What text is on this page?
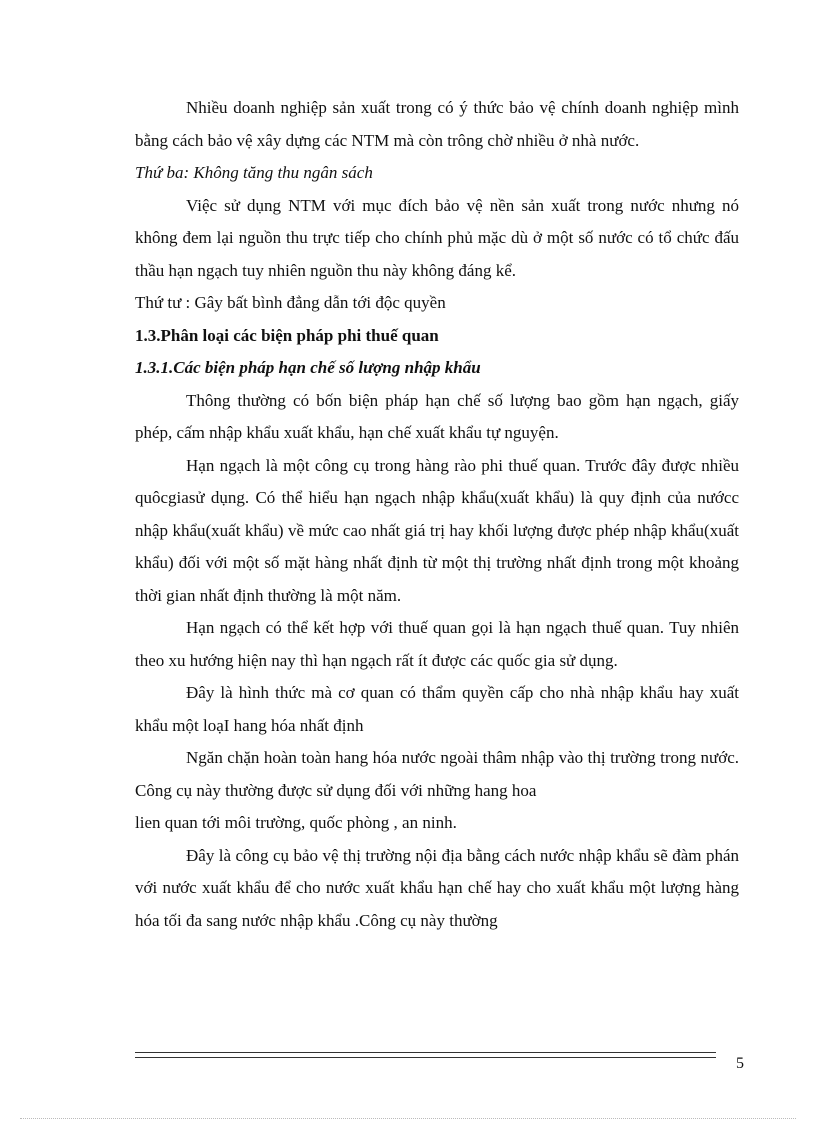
Nhiều doanh nghiệp sản xuất trong có ý thức bảo vệ chính doanh nghiệp mình bằng cách bảo vệ xây dựng các NTM mà còn trông chờ nhiều ở nhà nước.

Thứ ba: Không tăng thu ngân sách

Việc sử dụng NTM với mục đích bảo vệ nền sản xuất trong nước nhưng nó không đem lại nguồn thu trực tiếp cho chính phủ mặc dù ở một số nước có tổ chức đấu thầu hạn ngạch tuy nhiên nguồn thu này không đáng kể.

Thứ tư : Gây bất bình đẳng dẫn tới độc quyền

1.3.Phân loại các biện pháp phi thuế quan

1.3.1.Các biện pháp hạn chế số lượng nhập khẩu

Thông thường có bốn biện pháp hạn chế số lượng bao gồm hạn ngạch, giấy phép, cấm nhập khẩu xuất khẩu, hạn chế xuất khẩu tự nguyện.

Hạn ngạch là một công cụ trong hàng rào phi thuế quan. Trước đây được nhiều quôcgiasử dụng. Có thể hiểu hạn ngạch nhập khẩu(xuất khẩu) là quy định của nướcc nhập khẩu(xuất khẩu) về mức cao nhất giá trị hay khối lượng được phép nhập khẩu(xuất khẩu) đối với một số mặt hàng nhất định từ một thị trường nhất định trong một khoảng thời gian nhất định thường là một năm.

Hạn ngạch có thể kết hợp với thuế quan gọi là hạn ngạch thuế quan. Tuy nhiên theo xu hướng hiện nay thì hạn ngạch rất ít được các quốc gia sử dụng.

Đây là hình thức mà cơ quan có thẩm quyền cấp cho nhà nhập khẩu hay xuất khẩu một loạI hang hóa nhất định

Ngăn chặn hoàn toàn hang hóa nước ngoài thâm nhập vào thị trường trong nước. Công cụ này thường được sử dụng đối với những hang hoa

lien quan tới môi trường, quốc phòng , an ninh.

Đây là công cụ bảo vệ thị trường nội địa bằng cách nước nhập khẩu sẽ đàm phán với nước xuất khẩu để cho nước xuất khẩu hạn chế hay cho xuất khẩu một lượng hàng hóa tối đa sang nước nhập khẩu .Công cụ này thường

5
